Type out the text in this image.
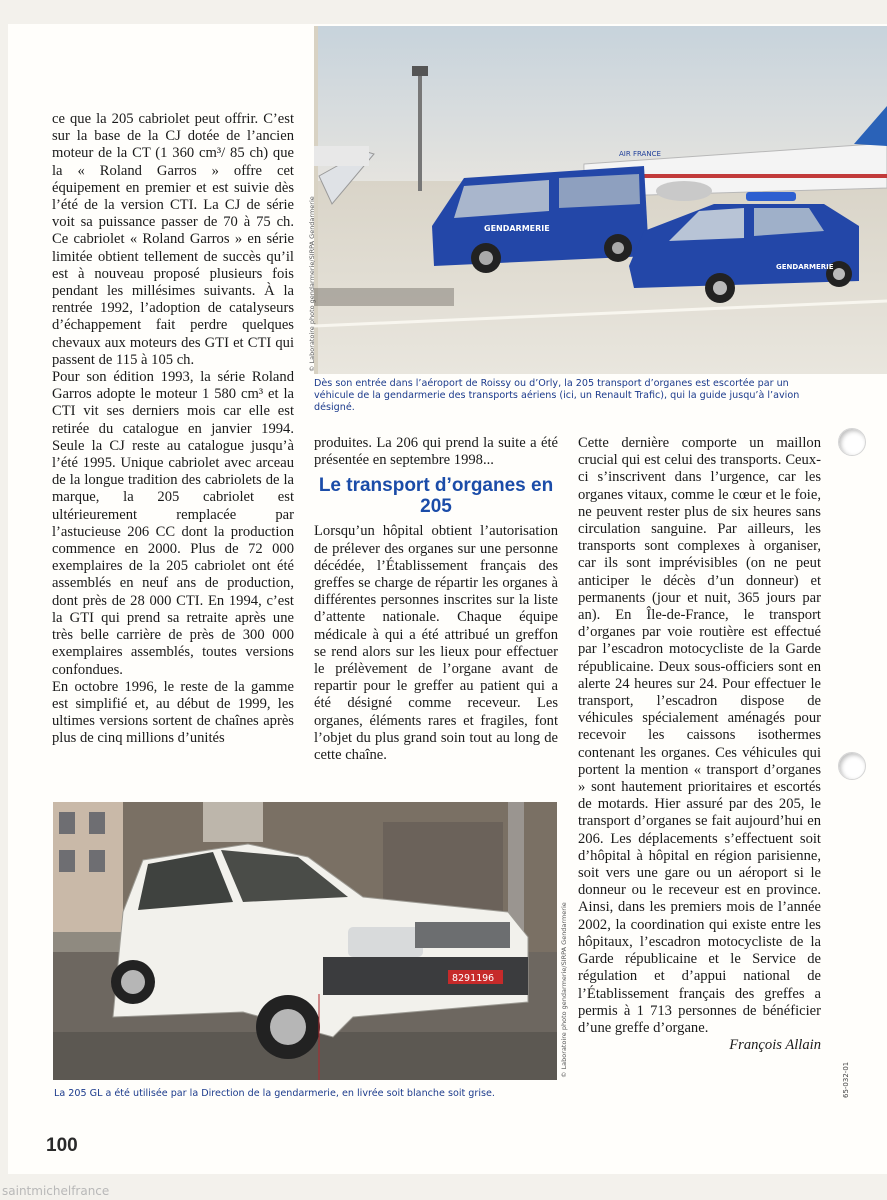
AIR FRANCE
GENDARMERIE
GENDARMERIE
© Laboratoire photo gendarmerie/SIRPA Gendarmerie
Dès son entrée dans l’aéroport de Roissy ou d’Orly, la 205 transport d’organes est escortée par un véhicule de la gendarmerie des transports aériens (ici, un Renault Trafic), qui la guide jusqu’à l’avion désigné.

ce que la 205 cabriolet peut offrir. C’est sur la base de la CJ dotée de l’ancien moteur de la CT (1 360 cm³/ 85 ch) que la « Roland Garros » offre cet équipement en premier et est suivie dès l’été de la version CTI. La CJ de série voit sa puissance passer de 70 à 75 ch. Ce cabriolet « Roland Garros » en série limitée obtient tellement de succès qu’il est à nouveau proposé plusieurs fois pendant les millésimes suivants. À la rentrée 1992, l’adoption de catalyseurs d’échappement fait perdre quelques chevaux aux moteurs des GTI et CTI qui passent de 115 à 105 ch.

Pour son édition 1993, la série Roland Garros adopte le moteur 1 580 cm³ et la CTI vit ses derniers mois car elle est retirée du catalogue en janvier 1994. Seule la CJ reste au catalogue jusqu’à l’été 1995. Unique cabriolet avec arceau de la longue tradition des cabriolets de la marque, la 205 cabriolet est ultérieurement remplacée par l’astucieuse 206 CC dont la production commence en 2000. Plus de 72 000 exemplaires de la 205 cabriolet ont été assemblés en neuf ans de production, dont près de 28 000 CTI. En 1994, c’est la GTI qui prend sa retraite après une très belle carrière de près de 300 000 exemplaires assemblés, toutes versions confondues.

En octobre 1996, le reste de la gamme est simplifié et, au début de 1999, les ultimes versions sortent de chaînes après plus de cinq millions d’unités

produites. La 206 qui prend la suite a été présentée en septembre 1998...

Le transport d’organes en 205

Lorsqu’un hôpital obtient l’autorisation de prélever des organes sur une personne décédée, l’Établissement français des greffes se charge de répartir les organes à différentes personnes inscrites sur la liste d’attente nationale. Chaque équipe médicale à qui a été attribué un greffon se rend alors sur les lieux pour effectuer le prélèvement de l’organe avant de repartir pour le greffer au patient qui a été désigné comme receveur. Les organes, éléments rares et fragiles, font l’objet du plus grand soin tout au long de cette chaîne.

Cette dernière comporte un maillon crucial qui est celui des transports. Ceux-ci s’inscrivent dans l’urgence, car les organes vitaux, comme le cœur et le foie, ne peuvent rester plus de six heures sans circulation sanguine. Par ailleurs, les transports sont complexes à organiser, car ils sont imprévisibles (on ne peut anticiper le décès d’un donneur) et permanents (jour et nuit, 365 jours par an). En Île-de-France, le transport d’organes par voie routière est effectué par l’escadron motocycliste de la Garde républicaine. Deux sous-officiers sont en alerte 24 heures sur 24. Pour effectuer le transport, l’escadron dispose de véhicules spécialement aménagés pour recevoir les caissons isothermes contenant les organes. Ces véhicules qui portent la mention « transport d’organes » sont hautement prioritaires et escortés de motards. Hier assuré par des 205, le transport d’organes se fait aujourd’hui en 206. Les déplacements s’effectuent soit d’hôpital à hôpital en région parisienne, soit vers une gare ou un aéroport si le donneur ou le receveur est en province. Ainsi, dans les premiers mois de l’année 2002, la coordination qui existe entre les hôpitaux, l’escadron motocycliste de la Garde républicaine et le Service de régulation et d’appui national de l’Établissement français des greffes a permis à 1 713 personnes de bénéficier d’une greffe d’organe.

François Allain

8291196	© Laboratoire photo gendarmerie/SIRPA Gendarmerie
La 205 GL a été utilisée par la Direction de la gendarmerie, en livrée soit blanche soit grise.
100
65-032-01
saintmichelfrance
